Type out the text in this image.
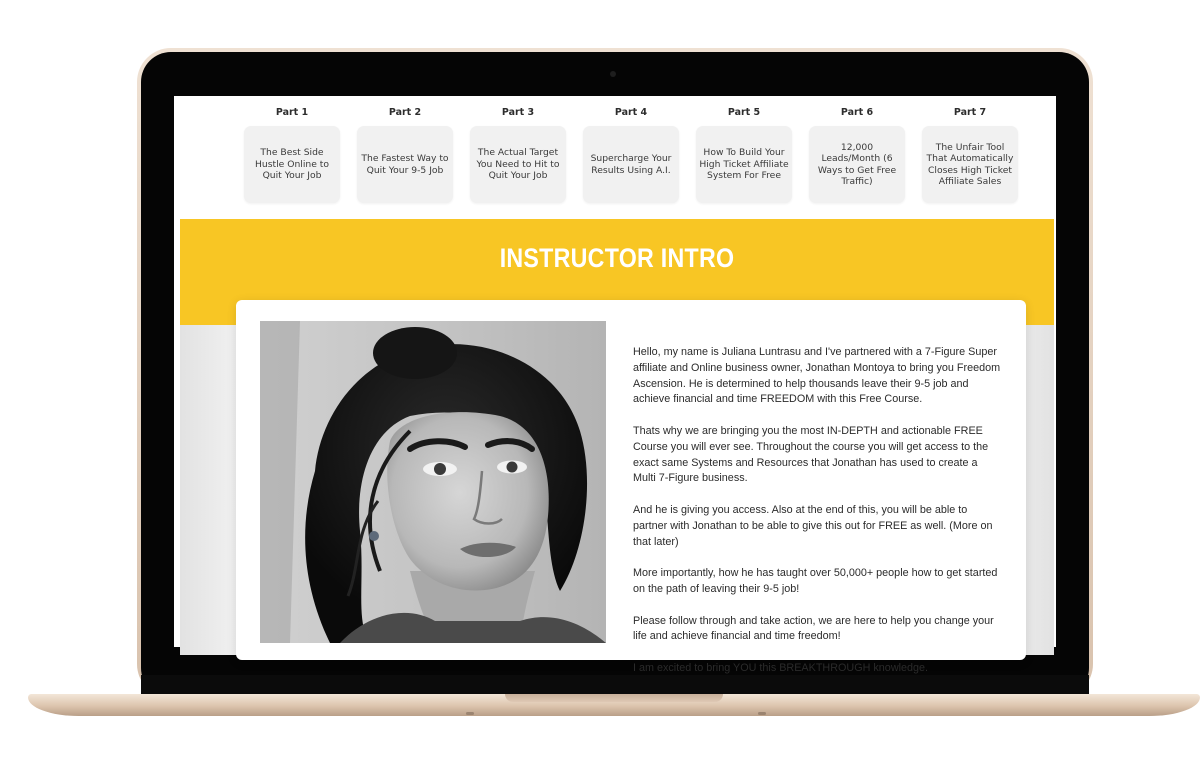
Part 1
The Best Side Hustle Online to Quit Your Job
Part 2
The Fastest Way to Quit Your 9-5 Job
Part 3
The Actual Target You Need to Hit to Quit Your Job
Part 4
Supercharge Your Results Using A.I.
Part 5
How To Build Your High Ticket Affiliate System For Free
Part 6
12,000 Leads/Month (6 Ways to Get Free Traffic)
Part 7
The Unfair Tool That Automatically Closes High Ticket Affiliate Sales
INSTRUCTOR INTRO

Hello, my name is Juliana Luntrasu and I've partnered with a 7-Figure Super affiliate and Online business owner, Jonathan Montoya to bring you Freedom Ascension. He is determined to help thousands leave their 9-5 job and achieve financial and time FREEDOM with this Free Course.

Thats why we are bringing you the most IN-DEPTH and actionable FREE Course you will ever see. Throughout the course you will get access to the exact same Systems and Resources that Jonathan has used to create a Multi 7-Figure business.

And he is giving you access. Also at the end of this, you will be able to partner with Jonathan to be able to give this out for FREE as well. (More on that later)

More importantly, how he has taught over 50,000+ people how to get started on the path of leaving their 9-5 job!

Please follow through and take action, we are here to help you change your life and achieve financial and time freedom!

I am excited to bring YOU this BREAKTHROUGH knowledge.
